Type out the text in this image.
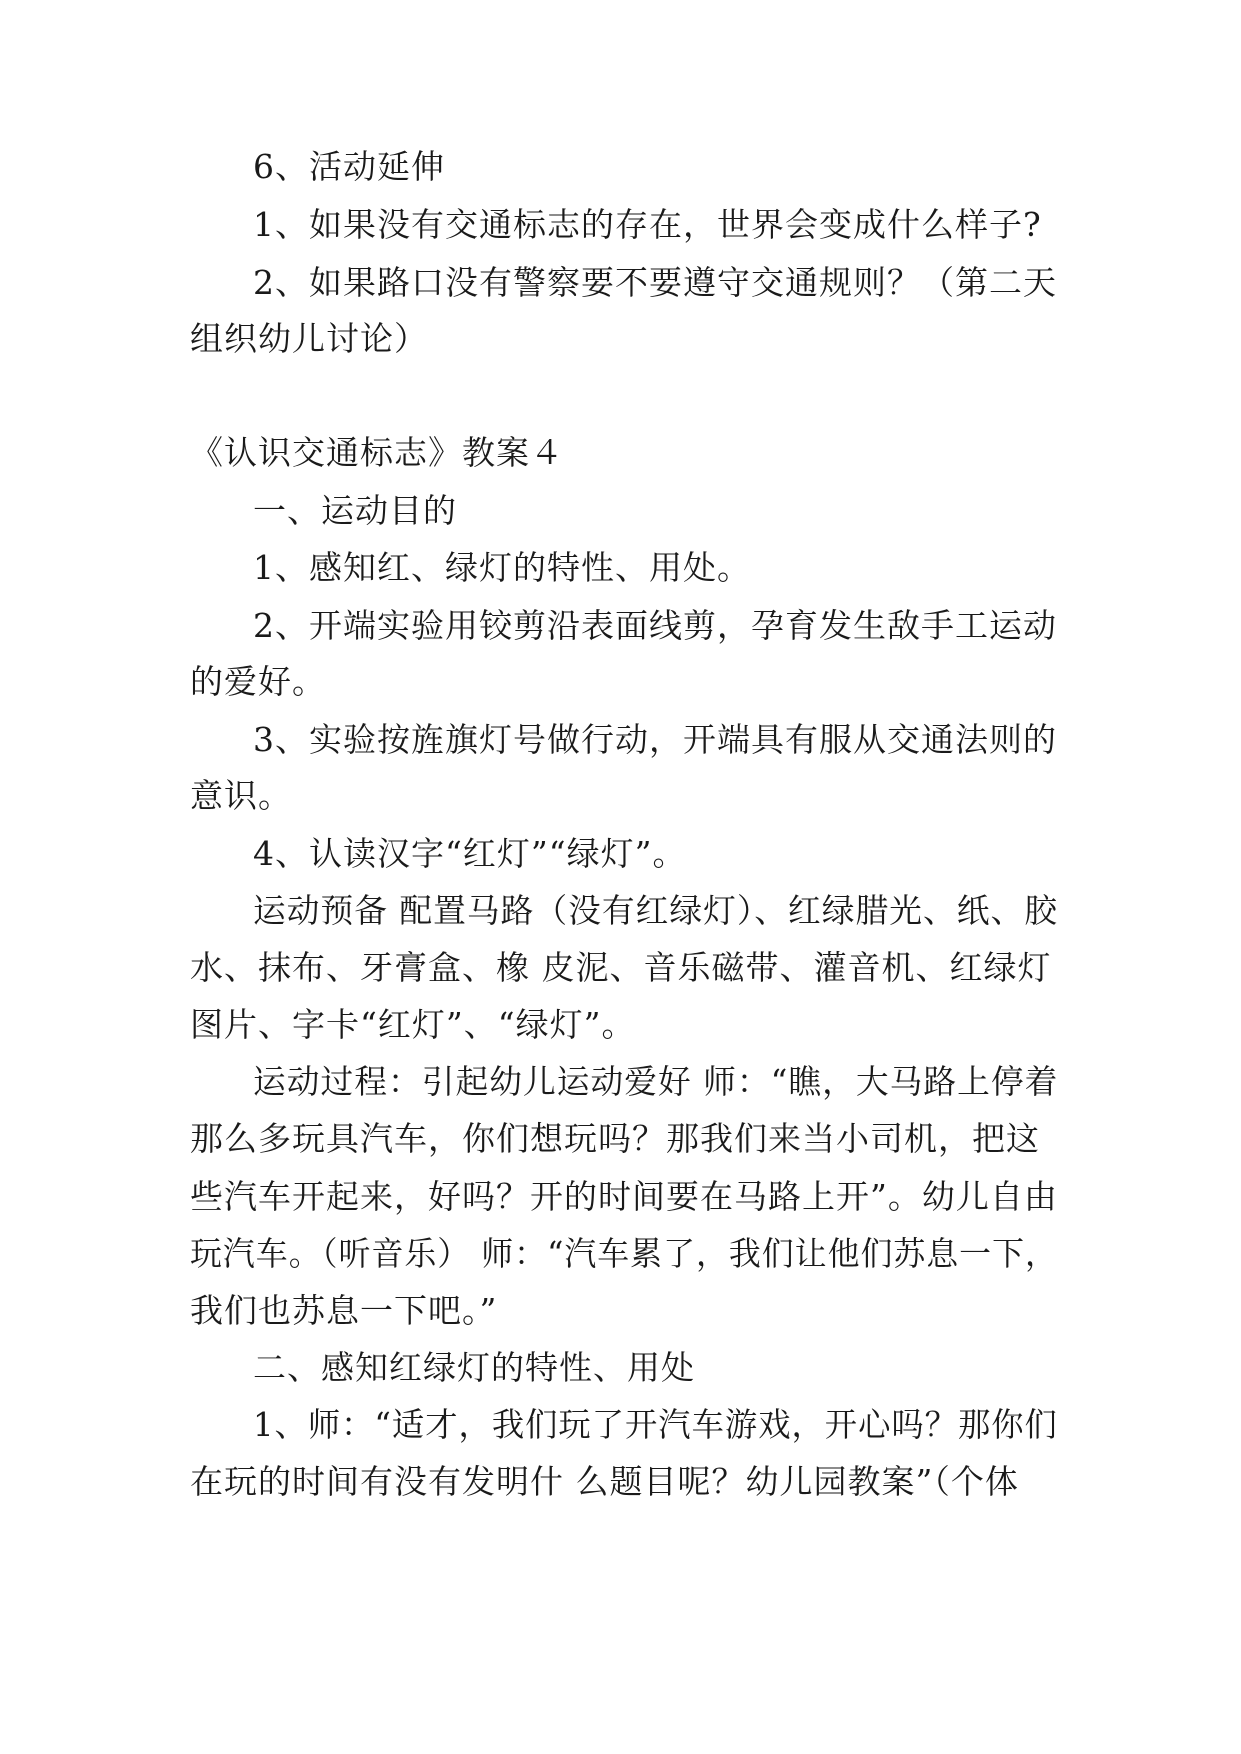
6、活动延伸
1、如果没有交通标志的存在，世界会变成什么样子?
2、如果路口没有警察要不要遵守交通规则？（第二天
组织幼儿讨论）
《认识交通标志》教案４
一、运动目的
1、感知红、绿灯的特性、用处。
2、开端实验用铰剪沿表面线剪，孕育发生敌手工运动
的爱好。
3、实验按旌旗灯号做行动，开端具有服从交通法则的
意识。
4、认读汉字“红灯”“绿灯”。
运动预备 配置马路（没有红绿灯）、红绿腊光、纸、胶
水、抹布、牙膏盒、橡 皮泥、音乐磁带、灌音机、红绿灯
图片、字卡“红灯”、“绿灯”。
运动过程：引起幼儿运动爱好 师：“瞧，大马路上停着
那么多玩具汽车，你们想玩吗？那我们来当小司机，把这
些汽车开起来，好吗？开的时间要在马路上开”。幼儿自由
玩汽车。（听音乐） 师：“汽车累了，我们让他们苏息一下，
我们也苏息一下吧。”
二、感知红绿灯的特性、用处
1、师：“适才，我们玩了开汽车游戏，开心吗？那你们
在玩的时间有没有发明什 么题目呢？幼儿园教案”（个体
